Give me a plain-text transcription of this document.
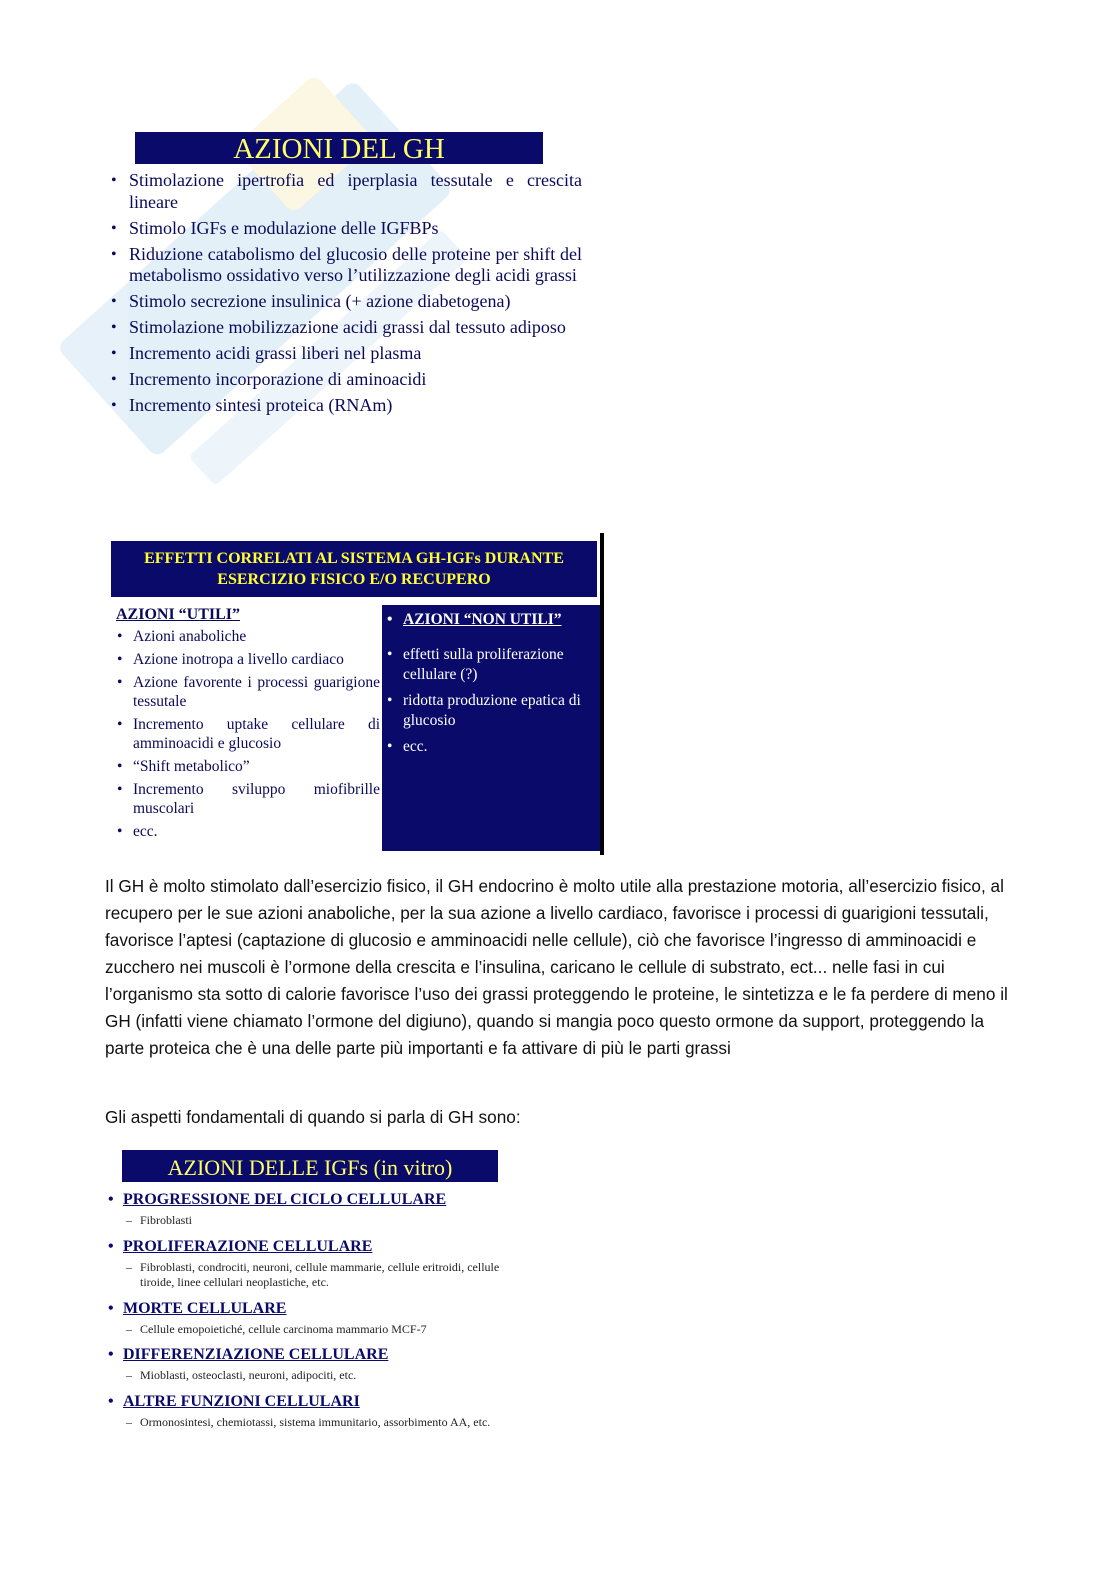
AZIONI DEL GH
• Stimolazione ipertrofia ed iperplasia tessutale e crescita lineare
• Stimolo IGFs e modulazione delle IGFBPs
• Riduzione catabolismo del glucosio delle proteine per shift del metabolismo ossidativo verso l’utilizzazione degli acidi grassi
• Stimolo secrezione insulinica (+ azione diabetogena)
• Stimolazione mobilizzazione acidi grassi dal tessuto adiposo
• Incremento acidi grassi liberi nel plasma
• Incremento incorporazione di aminoacidi
• Incremento sintesi proteica (RNAm)
EFFETTI CORRELATI AL SISTEMA GH-IGFs DURANTE
ESERCIZIO FISICO E/O RECUPERO
AZIONI “UTILI”
• Azioni anaboliche
• Azione inotropa a livello cardiaco
• Azione favorente i processi guarigione tessutale
• Incremento uptake cellulare di amminoacidi e glucosio
• “Shift metabolico”
• Incremento sviluppo miofibrille muscolari
• ecc.
• AZIONI “NON UTILI”
• effetti sulla proliferazione cellulare (?)
• ridotta produzione epatica di glucosio
• ecc.

Il GH è molto stimolato dall’esercizio fisico, il GH endocrino è molto utile alla prestazione motoria, all’esercizio fisico, al recupero per le sue azioni anaboliche, per la sua azione a livello cardiaco, favorisce i processi di guarigioni tessutali, favorisce l’aptesi (captazione di glucosio e amminoacidi nelle cellule), ciò che favorisce l’ingresso di amminoacidi e zucchero nei muscoli è l’ormone della crescita e l’insulina, caricano le cellule di substrato, ect... nelle fasi in cui l’organismo sta sotto di calorie favorisce l’uso dei grassi proteggendo le proteine, le sintetizza e le fa perdere di meno il GH (infatti viene chiamato l’ormone del digiuno), quando si mangia poco questo ormone da support, proteggendo la parte proteica che è una delle parte più importanti e fa attivare di più le parti grassi

Gli aspetti fondamentali di quando si parla di GH sono:

AZIONI DELLE IGFs (in vitro)
• PROGRESSIONE DEL CICLO CELLULARE
– Fibroblasti
• PROLIFERAZIONE CELLULARE
– Fibroblasti, condrociti, neuroni, cellule mammarie, cellule eritroidi, cellule tiroide, linee cellulari neoplastiche, etc.
• MORTE CELLULARE
– Cellule emopoietiché, cellule carcinoma mammario MCF-7
• DIFFERENZIAZIONE CELLULARE
– Mioblasti, osteoclasti, neuroni, adipociti, etc.
• ALTRE FUNZIONI CELLULARI
– Ormonosintesi, chemiotassi, sistema immunitario, assorbimento AA, etc.
